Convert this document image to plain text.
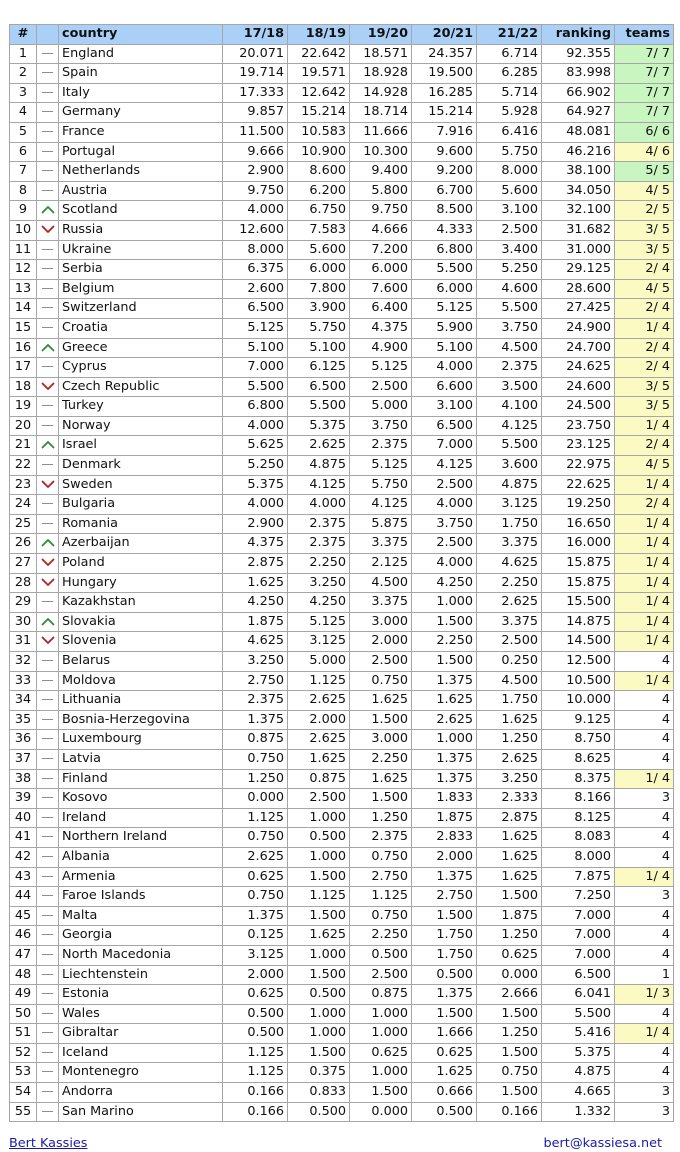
#		country	17/18	18/19	19/20	20/21	21/22	ranking	teams
1		England	20.071	22.642	18.571	24.357	6.714	92.355	7/ 7
2		Spain	19.714	19.571	18.928	19.500	6.285	83.998	7/ 7
3		Italy	17.333	12.642	14.928	16.285	5.714	66.902	7/ 7
4		Germany	9.857	15.214	18.714	15.214	5.928	64.927	7/ 7
5		France	11.500	10.583	11.666	7.916	6.416	48.081	6/ 6
6		Portugal	9.666	10.900	10.300	9.600	5.750	46.216	4/ 6
7		Netherlands	2.900	8.600	9.400	9.200	8.000	38.100	5/ 5
8		Austria	9.750	6.200	5.800	6.700	5.600	34.050	4/ 5
9		Scotland	4.000	6.750	9.750	8.500	3.100	32.100	2/ 5
10		Russia	12.600	7.583	4.666	4.333	2.500	31.682	3/ 5
11		Ukraine	8.000	5.600	7.200	6.800	3.400	31.000	3/ 5
12		Serbia	6.375	6.000	6.000	5.500	5.250	29.125	2/ 4
13		Belgium	2.600	7.800	7.600	6.000	4.600	28.600	4/ 5
14		Switzerland	6.500	3.900	6.400	5.125	5.500	27.425	2/ 4
15		Croatia	5.125	5.750	4.375	5.900	3.750	24.900	1/ 4
16		Greece	5.100	5.100	4.900	5.100	4.500	24.700	2/ 4
17		Cyprus	7.000	6.125	5.125	4.000	2.375	24.625	2/ 4
18		Czech Republic	5.500	6.500	2.500	6.600	3.500	24.600	3/ 5
19		Turkey	6.800	5.500	5.000	3.100	4.100	24.500	3/ 5
20		Norway	4.000	5.375	3.750	6.500	4.125	23.750	1/ 4
21		Israel	5.625	2.625	2.375	7.000	5.500	23.125	2/ 4
22		Denmark	5.250	4.875	5.125	4.125	3.600	22.975	4/ 5
23		Sweden	5.375	4.125	5.750	2.500	4.875	22.625	1/ 4
24		Bulgaria	4.000	4.000	4.125	4.000	3.125	19.250	2/ 4
25		Romania	2.900	2.375	5.875	3.750	1.750	16.650	1/ 4
26		Azerbaijan	4.375	2.375	3.375	2.500	3.375	16.000	1/ 4
27		Poland	2.875	2.250	2.125	4.000	4.625	15.875	1/ 4
28		Hungary	1.625	3.250	4.500	4.250	2.250	15.875	1/ 4
29		Kazakhstan	4.250	4.250	3.375	1.000	2.625	15.500	1/ 4
30		Slovakia	1.875	5.125	3.000	1.500	3.375	14.875	1/ 4
31		Slovenia	4.625	3.125	2.000	2.250	2.500	14.500	1/ 4
32		Belarus	3.250	5.000	2.500	1.500	0.250	12.500	4
33		Moldova	2.750	1.125	0.750	1.375	4.500	10.500	1/ 4
34		Lithuania	2.375	2.625	1.625	1.625	1.750	10.000	4
35		Bosnia-Herzegovina	1.375	2.000	1.500	2.625	1.625	9.125	4
36		Luxembourg	0.875	2.625	3.000	1.000	1.250	8.750	4
37		Latvia	0.750	1.625	2.250	1.375	2.625	8.625	4
38		Finland	1.250	0.875	1.625	1.375	3.250	8.375	1/ 4
39		Kosovo	0.000	2.500	1.500	1.833	2.333	8.166	3
40		Ireland	1.125	1.000	1.250	1.875	2.875	8.125	4
41		Northern Ireland	0.750	0.500	2.375	2.833	1.625	8.083	4
42		Albania	2.625	1.000	0.750	2.000	1.625	8.000	4
43		Armenia	0.625	1.500	2.750	1.375	1.625	7.875	1/ 4
44		Faroe Islands	0.750	1.125	1.125	2.750	1.500	7.250	3
45		Malta	1.375	1.500	0.750	1.500	1.875	7.000	4
46		Georgia	0.125	1.625	2.250	1.750	1.250	7.000	4
47		North Macedonia	3.125	1.000	0.500	1.750	0.625	7.000	4
48		Liechtenstein	2.000	1.500	2.500	0.500	0.000	6.500	1
49		Estonia	0.625	0.500	0.875	1.375	2.666	6.041	1/ 3
50		Wales	0.500	1.000	1.000	1.500	1.500	5.500	4
51		Gibraltar	0.500	1.000	1.000	1.666	1.250	5.416	1/ 4
52		Iceland	1.125	1.500	0.625	0.625	1.500	5.375	4
53		Montenegro	1.125	0.375	1.000	1.625	0.750	4.875	4
54		Andorra	0.166	0.833	1.500	0.666	1.500	4.665	3
55		San Marino	0.166	0.500	0.000	0.500	0.166	1.332	3
Bert Kassies	bert@kassiesa.net
